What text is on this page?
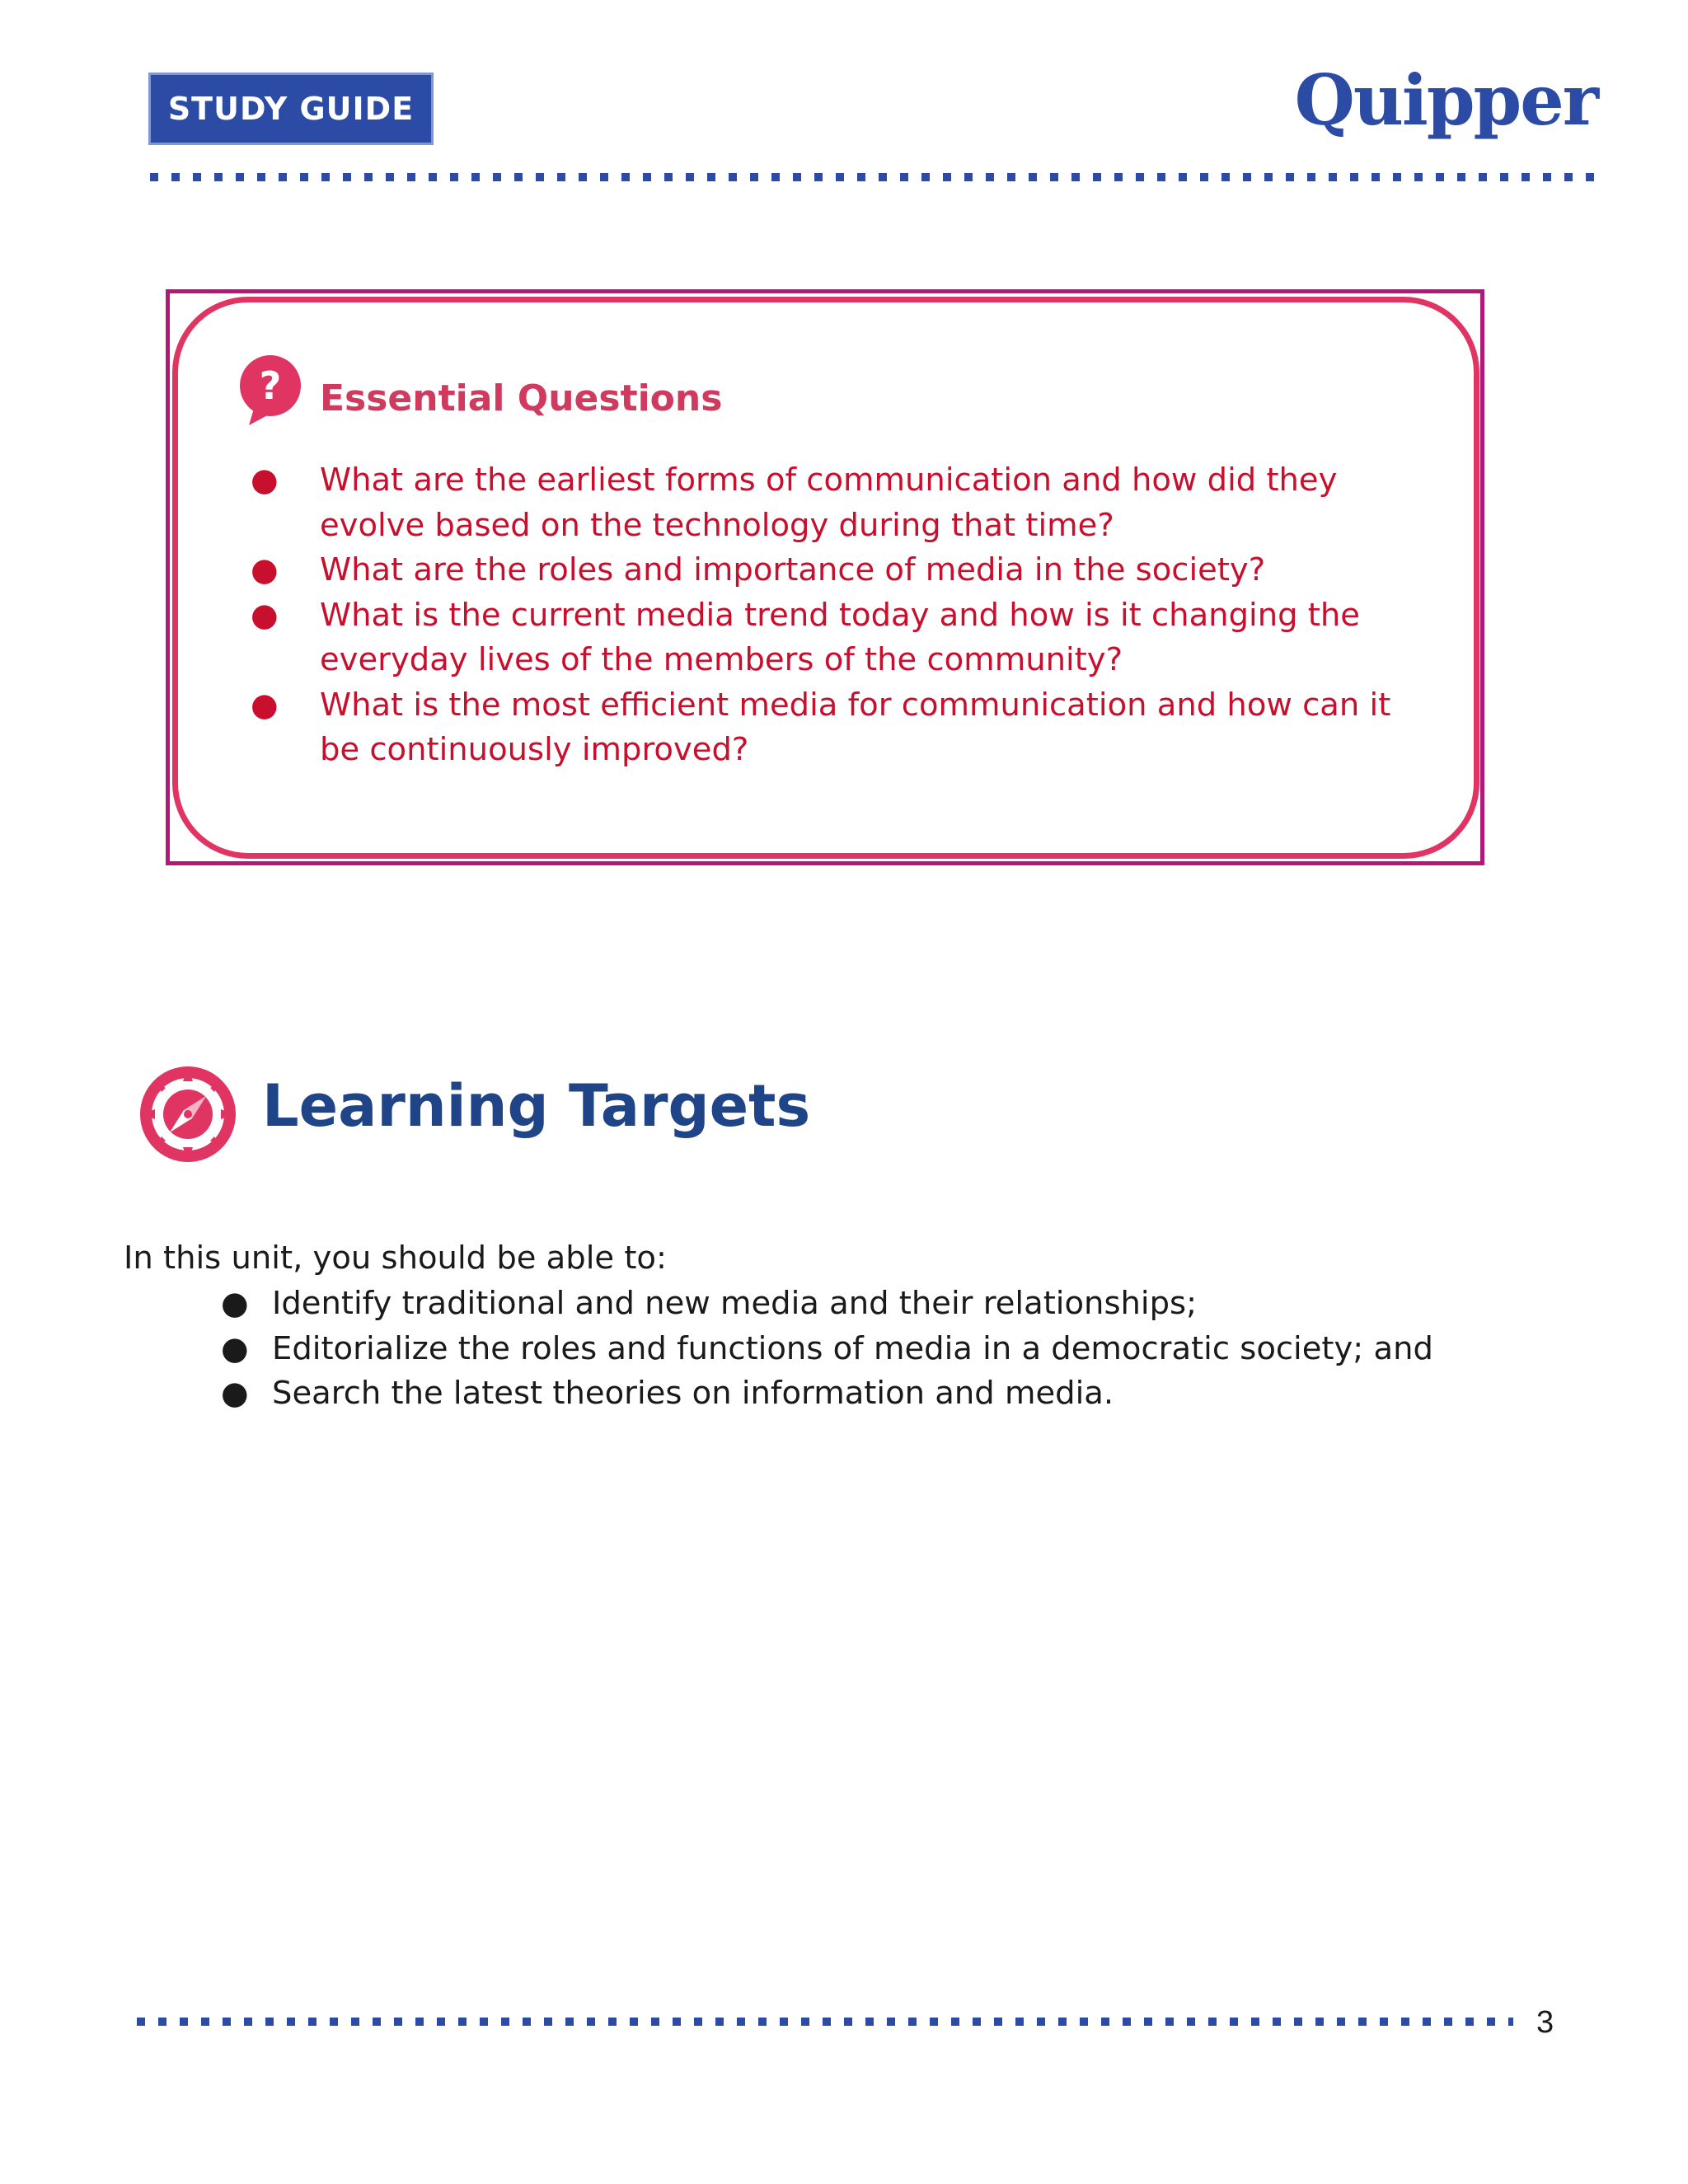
STUDY GUIDE	Quipper
? Essential Questions
● What are the earliest forms of communication and how did they evolve based on the technology during that time?
● What are the roles and importance of media in the society?
● What is the current media trend today and how is it changing the everyday lives of the members of the community?
● What is the most efficient media for communication and how can it be continuously improved?
Learning Targets
In this unit, you should be able to:
● Identify traditional and new media and their relationships;
● Editorialize the roles and functions of media in a democratic society; and
● Search the latest theories on information and media.
3
